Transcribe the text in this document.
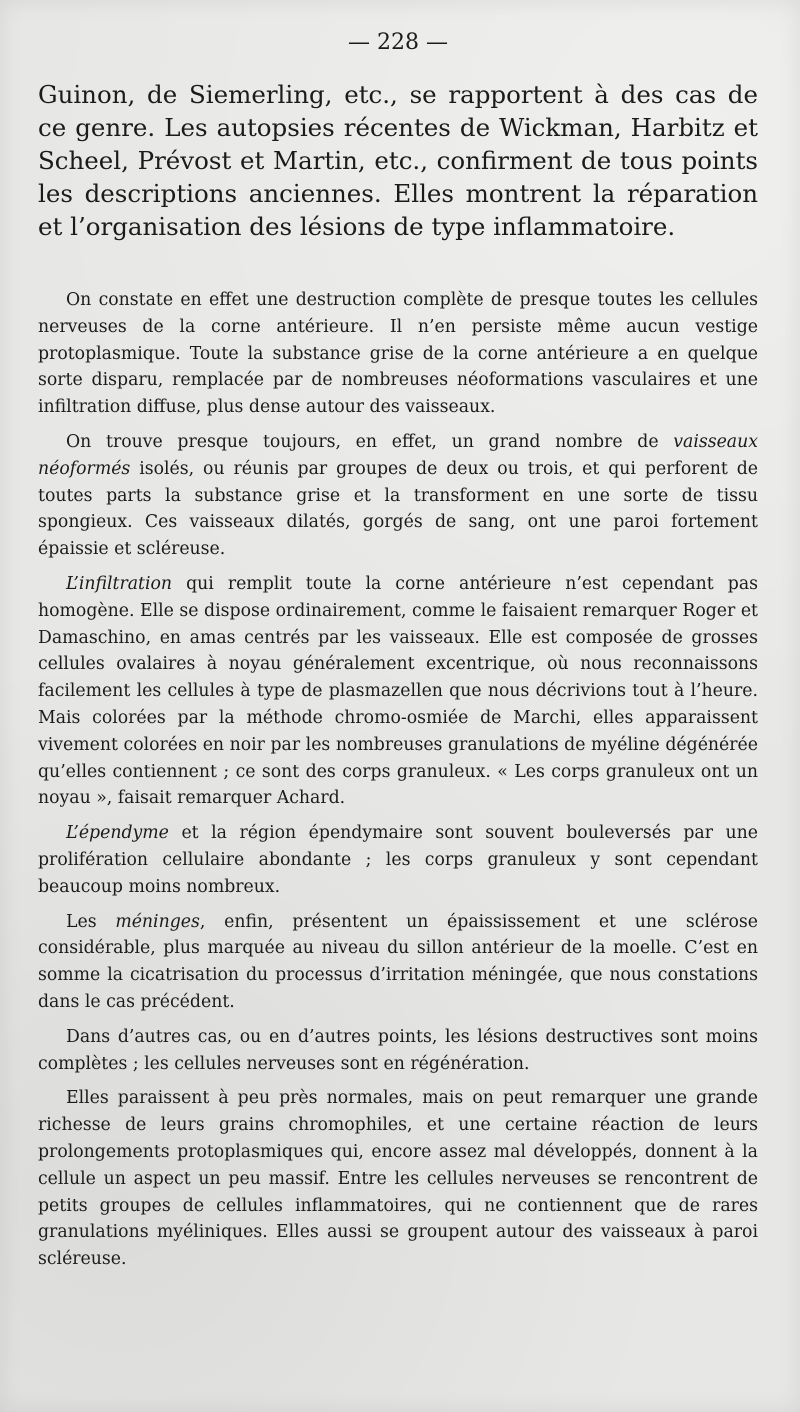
— 228 —

Guinon, de Siemerling, etc., se rapportent à des cas de ce genre. Les autopsies récentes de Wickman, Harbitz et Scheel, Prévost et Martin, etc., confirment de tous points les descriptions anciennes. Elles montrent la réparation et l’organisation des lésions de type inflammatoire.

On constate en effet une destruction complète de presque toutes les cellules nerveuses de la corne antérieure. Il n’en persiste même aucun vestige protoplasmique. Toute la substance grise de la corne antérieure a en quelque sorte disparu, remplacée par de nombreuses néoformations vasculaires et une infiltration diffuse, plus dense autour des vaisseaux.

On trouve presque toujours, en effet, un grand nombre de vaisseaux néoformés isolés, ou réunis par groupes de deux ou trois, et qui perforent de toutes parts la substance grise et la transforment en une sorte de tissu spongieux. Ces vaisseaux dilatés, gorgés de sang, ont une paroi fortement épaissie et scléreuse.

L’infiltration qui remplit toute la corne antérieure n’est cependant pas homogène. Elle se dispose ordinairement, comme le faisaient remarquer Roger et Damaschino, en amas centrés par les vaisseaux. Elle est composée de grosses cellules ovalaires à noyau généralement excentrique, où nous reconnaissons facilement les cellules à type de plasmazellen que nous décrivions tout à l’heure. Mais colorées par la méthode chromo-osmiée de Marchi, elles apparaissent vivement colorées en noir par les nombreuses granulations de myéline dégénérée qu’elles contiennent ; ce sont des corps granuleux. « Les corps granuleux ont un noyau », faisait remarquer Achard.

L’épendyme et la région épendymaire sont souvent bouleversés par une prolifération cellulaire abondante ; les corps granuleux y sont cependant beaucoup moins nombreux.

Les méninges, enfin, présentent un épaississement et une sclérose considérable, plus marquée au niveau du sillon antérieur de la moelle. C’est en somme la cicatrisation du processus d’irritation méningée, que nous constations dans le cas précédent.

Dans d’autres cas, ou en d’autres points, les lésions destructives sont moins complètes ; les cellules nerveuses sont en régénération.

Elles paraissent à peu près normales, mais on peut remarquer une grande richesse de leurs grains chromophiles, et une certaine réaction de leurs prolongements protoplasmiques qui, encore assez mal développés, donnent à la cellule un aspect un peu massif. Entre les cellules nerveuses se rencontrent de petits groupes de cellules inflammatoires, qui ne contiennent que de rares granulations myéliniques. Elles aussi se groupent autour des vaisseaux à paroi scléreuse.
